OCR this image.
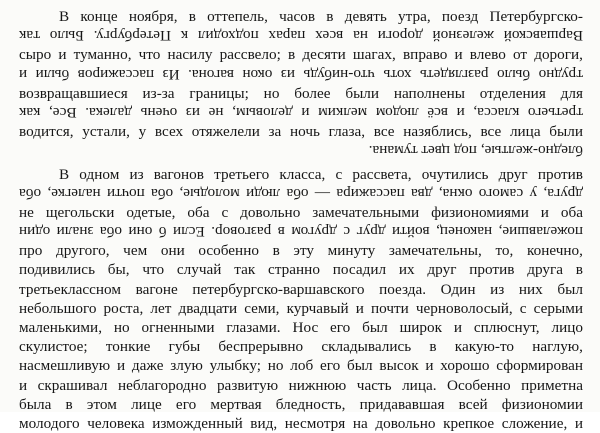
В конце ноября, в оттепель, часов в девять утра, поезд Петербургско-
Варшавской железной дороги на всех парах подходил к Петербургу. Было так
сыро и туманно, что насилу рассвело; в десяти шагах, вправо и влево от дороги,
трудно было разглядеть хоть что-нибудь из окон вагона. Из пассажиров были и
возвращавшиеся из-за границы; но более были наполнены отделения для
третьего класса, и всё людом мелким и деловым, не из очень далека. Все, как
водится, устали, у всех отяжелели за ночь глаза, все назяблись, все лица были
бледно-желтые, под цвет тумана.
В одном из вагонов третьего класса, с рассвета, очутились друг против
друга, у самого окна, два пассажира — оба люди молодые, оба почти налегке, оба
не щегольски одетые, оба с довольно замечательными физиономиями и оба
пожелавшие, наконец, войти друг с другом в разговор. Если б они оба знали один
про другого, чем они особенно в эту минуту замечательны, то, конечно,
подивились бы, что случай так странно посадил их друг против друга в
третьеклассном вагоне петербургско-варшавского поезда. Один из них был
небольшого роста, лет двадцати семи, курчавый и почти черноволосый, с серыми
маленькими, но огненными глазами. Нос его был широк и сплюснут, лицо
скулистое; тонкие губы беспрерывно складывались в какую-то наглую,
насмешливую и даже злую улыбку; но лоб его был высок и хорошо сформирован
и скрашивал неблагородно развитую нижнюю часть лица. Особенно приметна
была в этом лице его мертвая бледность, придававшая всей физиономии
молодого человека изможденный вид, несмотря на довольно крепкое сложение, и
